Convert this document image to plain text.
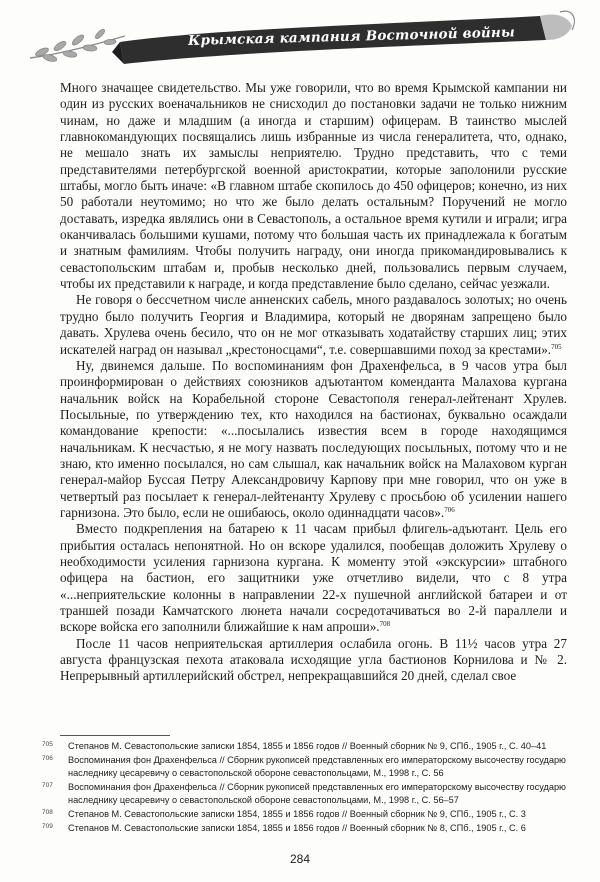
Крымская кампания Восточной войны

Много значащее свидетельство. Мы уже говорили, что во время Крымской кампании ни один из русских военачальников не снисходил до постановки задачи не только нижним чинам, но даже и младшим (а иногда и старшим) офицерам. В таинство мыслей главнокомандующих посвящались лишь избранные из числа генералитета, что, однако, не мешало знать их замыслы неприятелю. Трудно представить, что с теми представителями петербургской военной аристократии, которые заполонили русские штабы, могло быть иначе: «В главном штабе скопилось до 450 офицеров; конечно, из них 50 работали неутомимо; но что же было делать остальным? Поручений не могло доставать, изредка являлись они в Севастополь, а остальное время кутили и играли; игра оканчивалась большими кушами, потому что большая часть их принадлежала к богатым и знатным фамилиям. Чтобы получить награду, они иногда прикомандировывались к севастопольским штабам и, пробыв несколько дней, пользовались первым случаем, чтобы их представили к награде, и когда представление было сделано, сейчас уезжали.

Не говоря о бессчетном числе анненских сабель, много раздавалось золотых; но очень трудно было получить Георгия и Владимира, который не дворянам запрещено было давать. Хрулева очень бесило, что он не мог отказывать ходатайству старших лиц; этих искателей наград он называл „крестоносцами“, т.е. совершавшими поход за крестами».$^{705}$

Ну, двинемся дальше. По воспоминаниям фон Драхенфельса, в 9 часов утра был проинформирован о действиях союзников адъютантом коменданта Малахова кургана начальник войск на Корабельной стороне Севастополя генерал-лейтенант Хрулев. Посыльные, по утверждению тех, кто находился на бастионах, буквально осаждали командование крепости: «...посылались известия всем в городе находящимся начальникам. К несчастью, я не могу назвать последующих посыльных, потому что и не знаю, кто именно посылался, но сам слышал, как начальник войск на Малаховом курган генерал-майор Буссая Петру Александровичу Карпову при мне говорил, что он уже в четвертый раз посылает к генерал-лейтенанту Хрулеву с просьбою об усилении нашего гарнизона. Это было, если не ошибаюсь, около одиннадцати часов».$^{706}$

Вместо подкрепления на батарею к 11 часам прибыл флигель-адъютант. Цель его прибытия осталась непонятной. Но он вскоре удалился, пообещав доложить Хрулеву о необходимости усиления гарнизона кургана. К моменту этой «экскурсии» штабного офицера на бастион, его защитники уже отчетливо видели, что с 8 утра «...неприятельские колонны в направлении 22-х пушечной английской батареи и от траншей позади Камчатского люнета начали сосредотачиваться во 2-й параллели и вскоре войска его заполнили ближайшие к нам апроши».$^{708}$

После 11 часов неприятельская артиллерия ослабила огонь. В 11½ часов утра 27 августа французская пехота атаковала исходящие угла бастионов Корнилова и № 2. Непрерывный артиллерийский обстрел, непрекращавшийся 20 дней, сделал свое

705 Степанов М. Севастопольские записки 1854, 1855 и 1856 годов // Военный сборник № 9, СПб., 1905 г., С. 40–41
706 Воспоминания фон Драхенфельса // Сборник рукописей представленных его императорскому высочеству государю наследнику цесаревичу о севастопольской обороне севастопольцами, М., 1998 г., С. 56
707 Воспоминания фон Драхенфельса // Сборник рукописей представленных его императорскому высочеству государю наследнику цесаревичу о севастопольской обороне севастопольцами, М., 1998 г., С. 56–57
708 Степанов М. Севастопольские записки 1854, 1855 и 1856 годов // Военный сборник № 9, СПб., 1905 г., С. 3
709 Степанов М. Севастопольские записки 1854, 1855 и 1856 годов // Военный сборник № 8, СПб., 1905 г., С. 6
284
